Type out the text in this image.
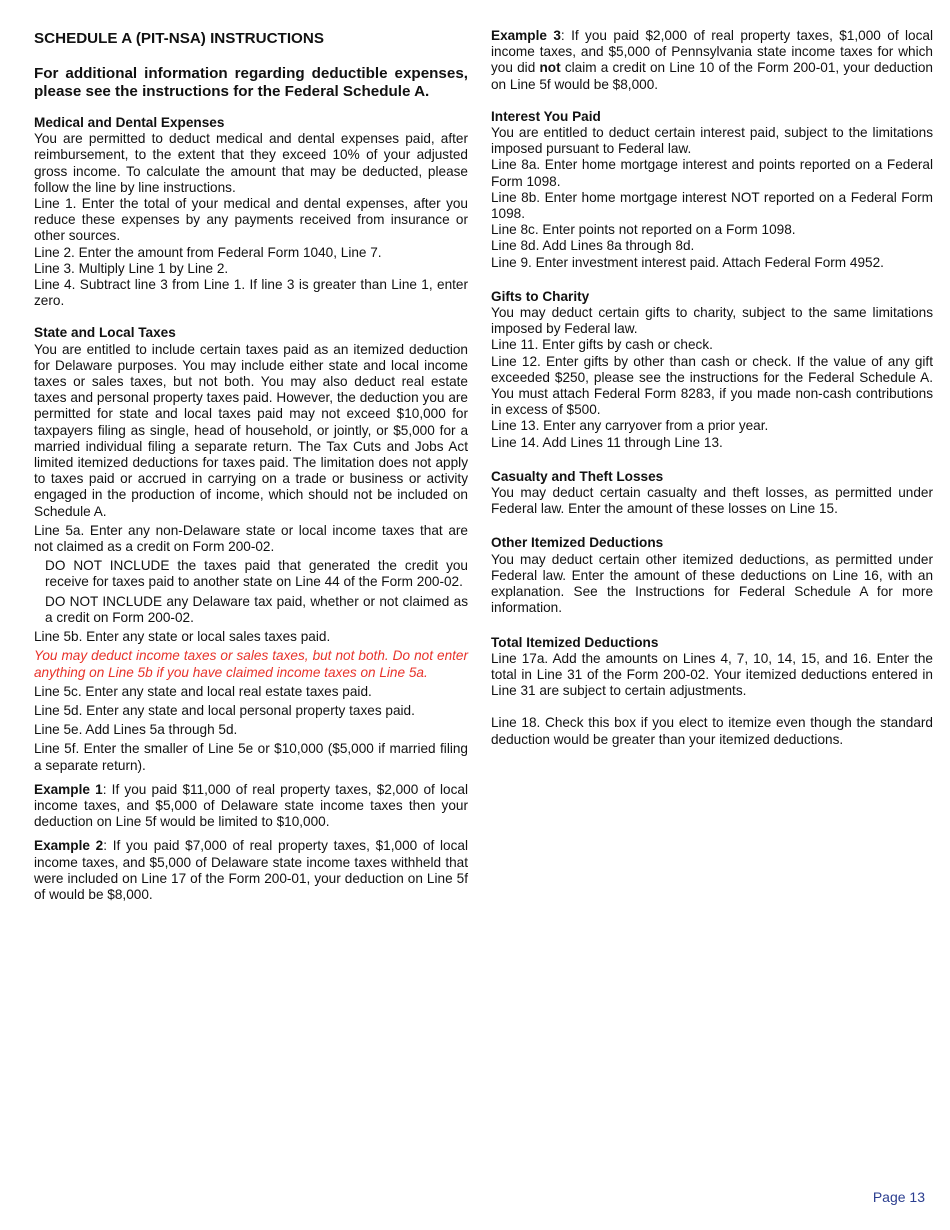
SCHEDULE A (PIT-NSA) INSTRUCTIONS

For additional information regarding deductible expenses, please see the instructions for the Federal Schedule A.

Medical and Dental Expenses

You are permitted to deduct medical and dental expenses paid, after reimbursement, to the extent that they exceed 10% of your adjusted gross income. To calculate the amount that may be deducted, please follow the line by line instructions.

Line 1. Enter the total of your medical and dental expenses, after you reduce these expenses by any payments received from insurance or other sources.

Line 2. Enter the amount from Federal Form 1040, Line 7.

Line 3. Multiply Line 1 by Line 2.

Line 4. Subtract line 3 from Line 1. If line 3 is greater than Line 1, enter zero.

State and Local Taxes

You are entitled to include certain taxes paid as an itemized deduction for Delaware purposes. You may include either state and local income taxes or sales taxes, but not both. You may also deduct real estate taxes and personal property taxes paid. However, the deduction you are permitted for state and local taxes paid may not exceed $10,000 for taxpayers filing as single, head of household, or jointly, or $5,000 for a married individual filing a separate return. The Tax Cuts and Jobs Act limited itemized deductions for taxes paid. The limitation does not apply to taxes paid or accrued in carrying on a trade or business or activity engaged in the production of income, which should not be included on Schedule A.

Line 5a. Enter any non-Delaware state or local income taxes that are not claimed as a credit on Form 200-02.

DO NOT INCLUDE the taxes paid that generated the credit you receive for taxes paid to another state on Line 44 of the Form 200-02.

DO NOT INCLUDE any Delaware tax paid, whether or not claimed as a credit on Form 200-02.

Line 5b. Enter any state or local sales taxes paid.

You may deduct income taxes or sales taxes, but not both. Do not enter anything on Line 5b if you have claimed income taxes on Line 5a.

Line 5c. Enter any state and local real estate taxes paid.

Line 5d. Enter any state and local personal property taxes paid.

Line 5e. Add Lines 5a through 5d.

Line 5f. Enter the smaller of Line 5e or $10,000 ($5,000 if married filing a separate return).

Example 1: If you paid $11,000 of real property taxes, $2,000 of local income taxes, and $5,000 of Delaware state income taxes then your deduction on Line 5f would be limited to $10,000.

Example 2: If you paid $7,000 of real property taxes, $1,000 of local income taxes, and $5,000 of Delaware state income taxes withheld that were included on Line 17 of the Form 200-01, your deduction on Line 5f of would be $8,000.

Example 3: If you paid $2,000 of real property taxes, $1,000 of local income taxes, and $5,000 of Pennsylvania state income taxes for which you did not claim a credit on Line 10 of the Form 200-01, your deduction on Line 5f would be $8,000.

Interest You Paid

You are entitled to deduct certain interest paid, subject to the limitations imposed pursuant to Federal law.

Line 8a. Enter home mortgage interest and points reported on a Federal Form 1098.

Line 8b. Enter home mortgage interest NOT reported on a Federal Form 1098.

Line 8c. Enter points not reported on a Form 1098.

Line 8d. Add Lines 8a through 8d.

Line 9. Enter investment interest paid. Attach Federal Form 4952.

Gifts to Charity

You may deduct certain gifts to charity, subject to the same limitations imposed by Federal law.

Line 11. Enter gifts by cash or check.

Line 12. Enter gifts by other than cash or check. If the value of any gift exceeded $250, please see the instructions for the Federal Schedule A. You must attach Federal Form 8283, if you made non-cash contributions in excess of $500.

Line 13. Enter any carryover from a prior year.

Line 14. Add Lines 11 through Line 13.

Casualty and Theft Losses

You may deduct certain casualty and theft losses, as permitted under Federal law. Enter the amount of these losses on Line 15.

Other Itemized Deductions

You may deduct certain other itemized deductions, as permitted under Federal law. Enter the amount of these deductions on Line 16, with an explanation. See the Instructions for Federal Schedule A for more information.

Total Itemized Deductions

Line 17a. Add the amounts on Lines 4, 7, 10, 14, 15, and 16. Enter the total in Line 31 of the Form 200-02. Your itemized deductions entered in Line 31 are subject to certain adjustments.

Line 18. Check this box if you elect to itemize even though the standard deduction would be greater than your itemized deductions.

Page 13
